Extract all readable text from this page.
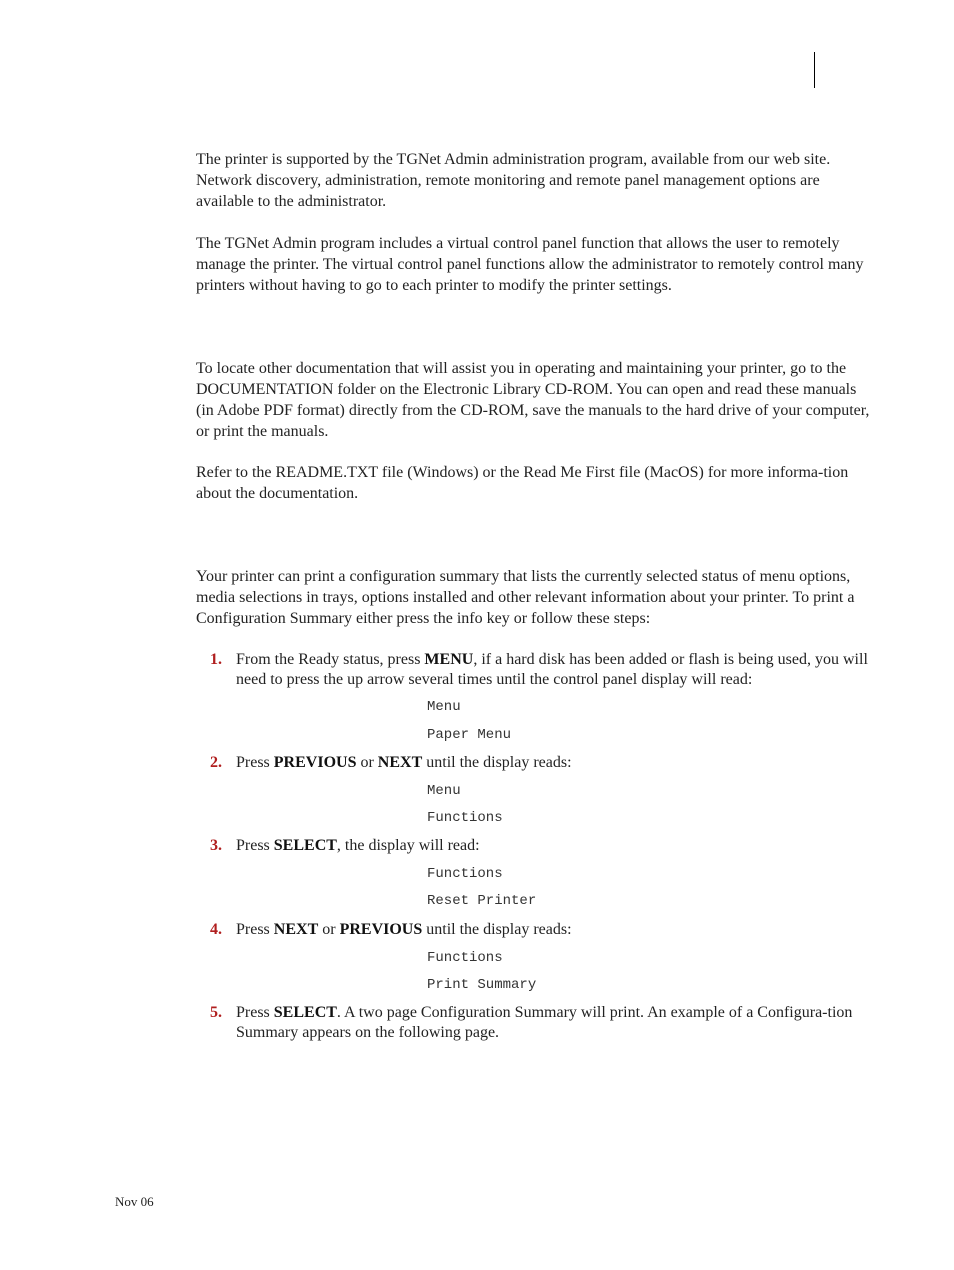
The printer is supported by the TGNet Admin administration program, available from our web site. Network discovery, administration, remote monitoring and remote panel management options are available to the administrator.

The TGNet Admin program includes a virtual control panel function that allows the user to remotely manage the printer. The virtual control panel functions allow the administrator to remotely control many printers without having to go to each printer to modify the printer settings.

To locate other documentation that will assist you in operating and maintaining your printer, go to the DOCUMENTATION folder on the Electronic Library CD-ROM. You can open and read these manuals (in Adobe PDF format) directly from the CD-ROM, save the manuals to the hard drive of your computer, or print the manuals.

Refer to the README.TXT file (Windows) or the Read Me First file (MacOS) for more informa-tion about the documentation.

Your printer can print a configuration summary that lists the currently selected status of menu options, media selections in trays, options installed and other relevant information about your printer. To print a Configuration Summary either press the info key or follow these steps:

1. From the Ready status, press MENU, if a hard disk has been added or flash is being used, you will need to press the up arrow several times until the control panel display will read:
Menu
Paper Menu
2. Press PREVIOUS or NEXT until the display reads:
Menu
Functions
3. Press SELECT, the display will read:
Functions
Reset Printer
4. Press NEXT or PREVIOUS until the display reads:
Functions
Print Summary
5. Press SELECT. A two page Configuration Summary will print. An example of a Configura-tion Summary appears on the following page.
Nov 06
